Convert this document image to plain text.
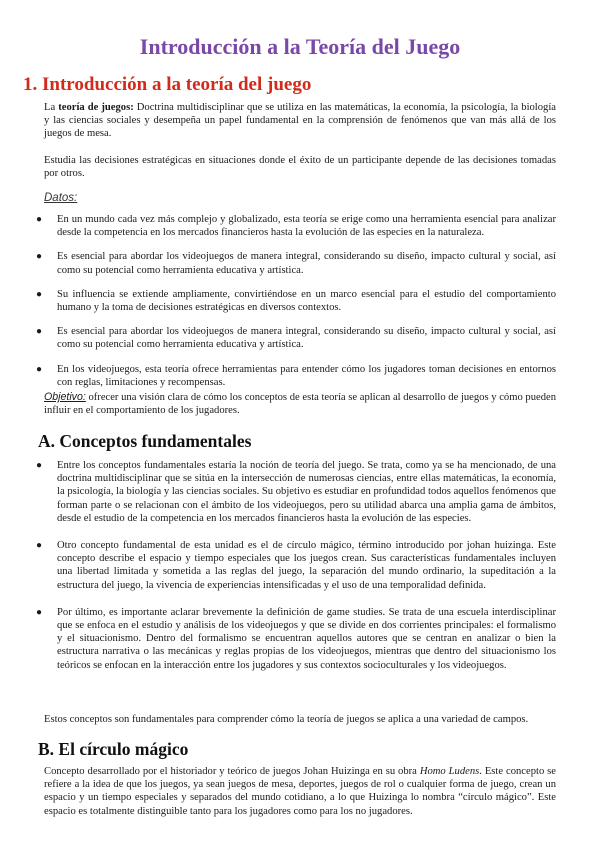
Introducción a la Teoría del Juego
1. Introducción a la teoría del juego
La teoría de juegos: Doctrina multidisciplinar que se utiliza en las matemáticas, la economía, la psicología, la biología y las ciencias sociales y desempeña un papel fundamental en la comprensión de fenómenos que van más allá de los juegos de mesa.
Estudia las decisiones estratégicas en situaciones donde el éxito de un participante depende de las decisiones tomadas por otros.
Datos:
● En un mundo cada vez más complejo y globalizado, esta teoría se erige como una herramienta esencial para analizar desde la competencia en los mercados financieros hasta la evolución de las especies en la naturaleza.
● Es esencial para abordar los videojuegos de manera integral, considerando su diseño, impacto cultural y social, así como su potencial como herramienta educativa y artística.
● Su influencia se extiende ampliamente, convirtiéndose en un marco esencial para el estudio del comportamiento humano y la toma de decisiones estratégicas en diversos contextos.
● Es esencial para abordar los videojuegos de manera integral, considerando su diseño, impacto cultural y social, así como su potencial como herramienta educativa y artística.
● En los videojuegos, esta teoría ofrece herramientas para entender cómo los jugadores toman decisiones en entornos con reglas, limitaciones y recompensas.
Objetivo: ofrecer una visión clara de cómo los conceptos de esta teoría se aplican al desarrollo de juegos y cómo pueden influir en el comportamiento de los jugadores.
A. Conceptos fundamentales
● Entre los conceptos fundamentales estaría la noción de teoría del juego. Se trata, como ya se ha mencionado, de una doctrina multidisciplinar que se sitúa en la intersección de numerosas ciencias, entre ellas matemáticas, la economía, la psicología, la biología y las ciencias sociales. Su objetivo es estudiar en profundidad todos aquellos fenómenos que forman parte o se relacionan con el ámbito de los videojuegos, pero su utilidad abarca una amplia gama de ámbitos, desde el estudio de la competencia en los mercados financieros hasta la evolución de las especies.
● Otro concepto fundamental de esta unidad es el de círculo mágico, término introducido por johan huizinga. Este concepto describe el espacio y tiempo especiales que los juegos crean. Sus características fundamentales incluyen una libertad limitada y sometida a las reglas del juego, la separación del mundo ordinario, la supeditación a la estructura del juego, la vivencia de experiencias intensificadas y el uso de una temporalidad definida.
● Por último, es importante aclarar brevemente la definición de game studies. Se trata de una escuela interdisciplinar que se enfoca en el estudio y análisis de los videojuegos y que se divide en dos corrientes principales: el formalismo y el situacionismo. Dentro del formalismo se encuentran aquellos autores que se centran en analizar o bien la estructura narrativa o las mecánicas y reglas propias de los videojuegos, mientras que dentro del situacionismo los teóricos se enfocan en la interacción entre los jugadores y sus contextos socioculturales y los videojuegos.
Estos conceptos son fundamentales para comprender cómo la teoría de juegos se aplica a una variedad de campos.
B. El círculo mágico
Concepto desarrollado por el historiador y teórico de juegos Johan Huizinga en su obra Homo Ludens. Este concepto se refiere a la idea de que los juegos, ya sean juegos de mesa, deportes, juegos de rol o cualquier forma de juego, crean un espacio y un tiempo especiales y separados del mundo cotidiano, a lo que Huizinga lo nombra “círculo mágico”. Este espacio es totalmente distinguible tanto para los jugadores como para los no jugadores.
